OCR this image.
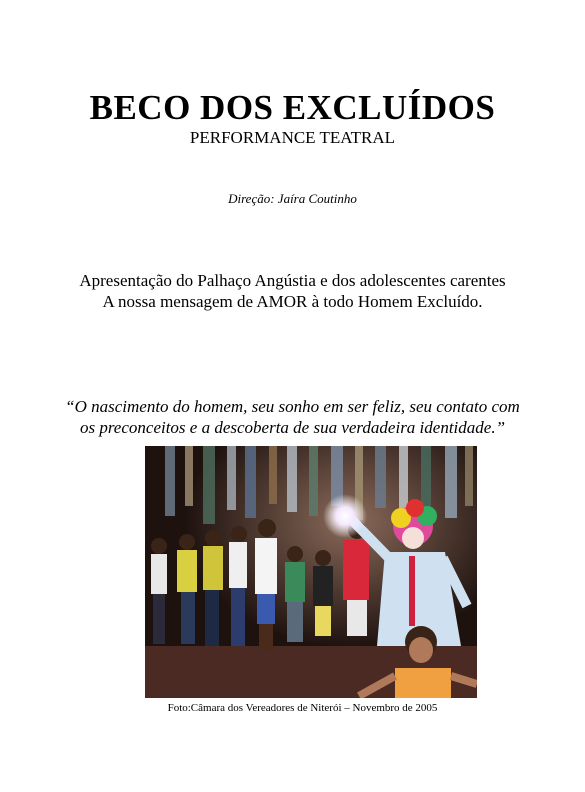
BECO DOS EXCLUÍDOS
PERFORMANCE TEATRAL
Direção: Jaíra Coutinho
Apresentação do Palhaço Angústia e dos adolescentes carentes
A nossa mensagem de AMOR à todo Homem Excluído.
“O nascimento do homem, seu sonho em ser feliz, seu contato com
os preconceitos e a descoberta de sua verdadeira identidade.”
Foto:Câmara dos Vereadores de Niterói – Novembro de 2005
